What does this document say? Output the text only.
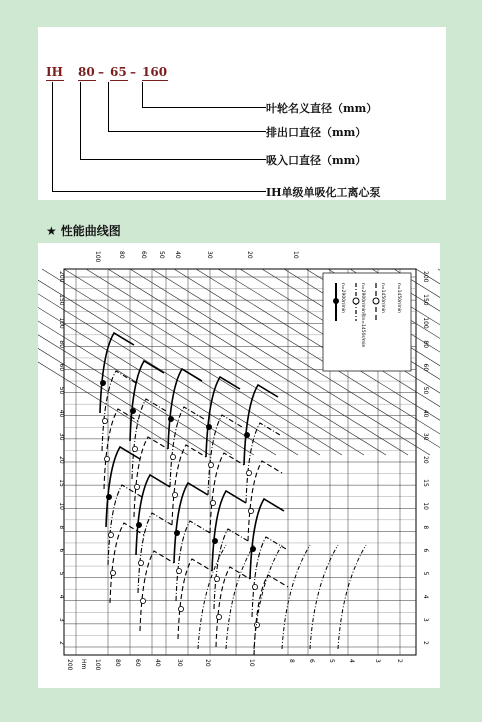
IH 80 – 65 – 160
叶轮名义直径（mm）
排出口直径（mm）
吸入口直径（mm）
IH单级单吸化工离心泵
★ 性能曲线图
200
150
100
80
60
50
40
30
20
15
10
8
6
5
4
3
2
200
150
100
80
60
50
40
30
20
15
10
8
6
5
4
3
2
100	80	60 50 40	30	20	10
200	100 80 60 40	30	20	10	8 6 5 4	3	2
Hm
n=2900r/min	n=2900r/min和n=1450r/min	n=1450r/min n=1450r/min
